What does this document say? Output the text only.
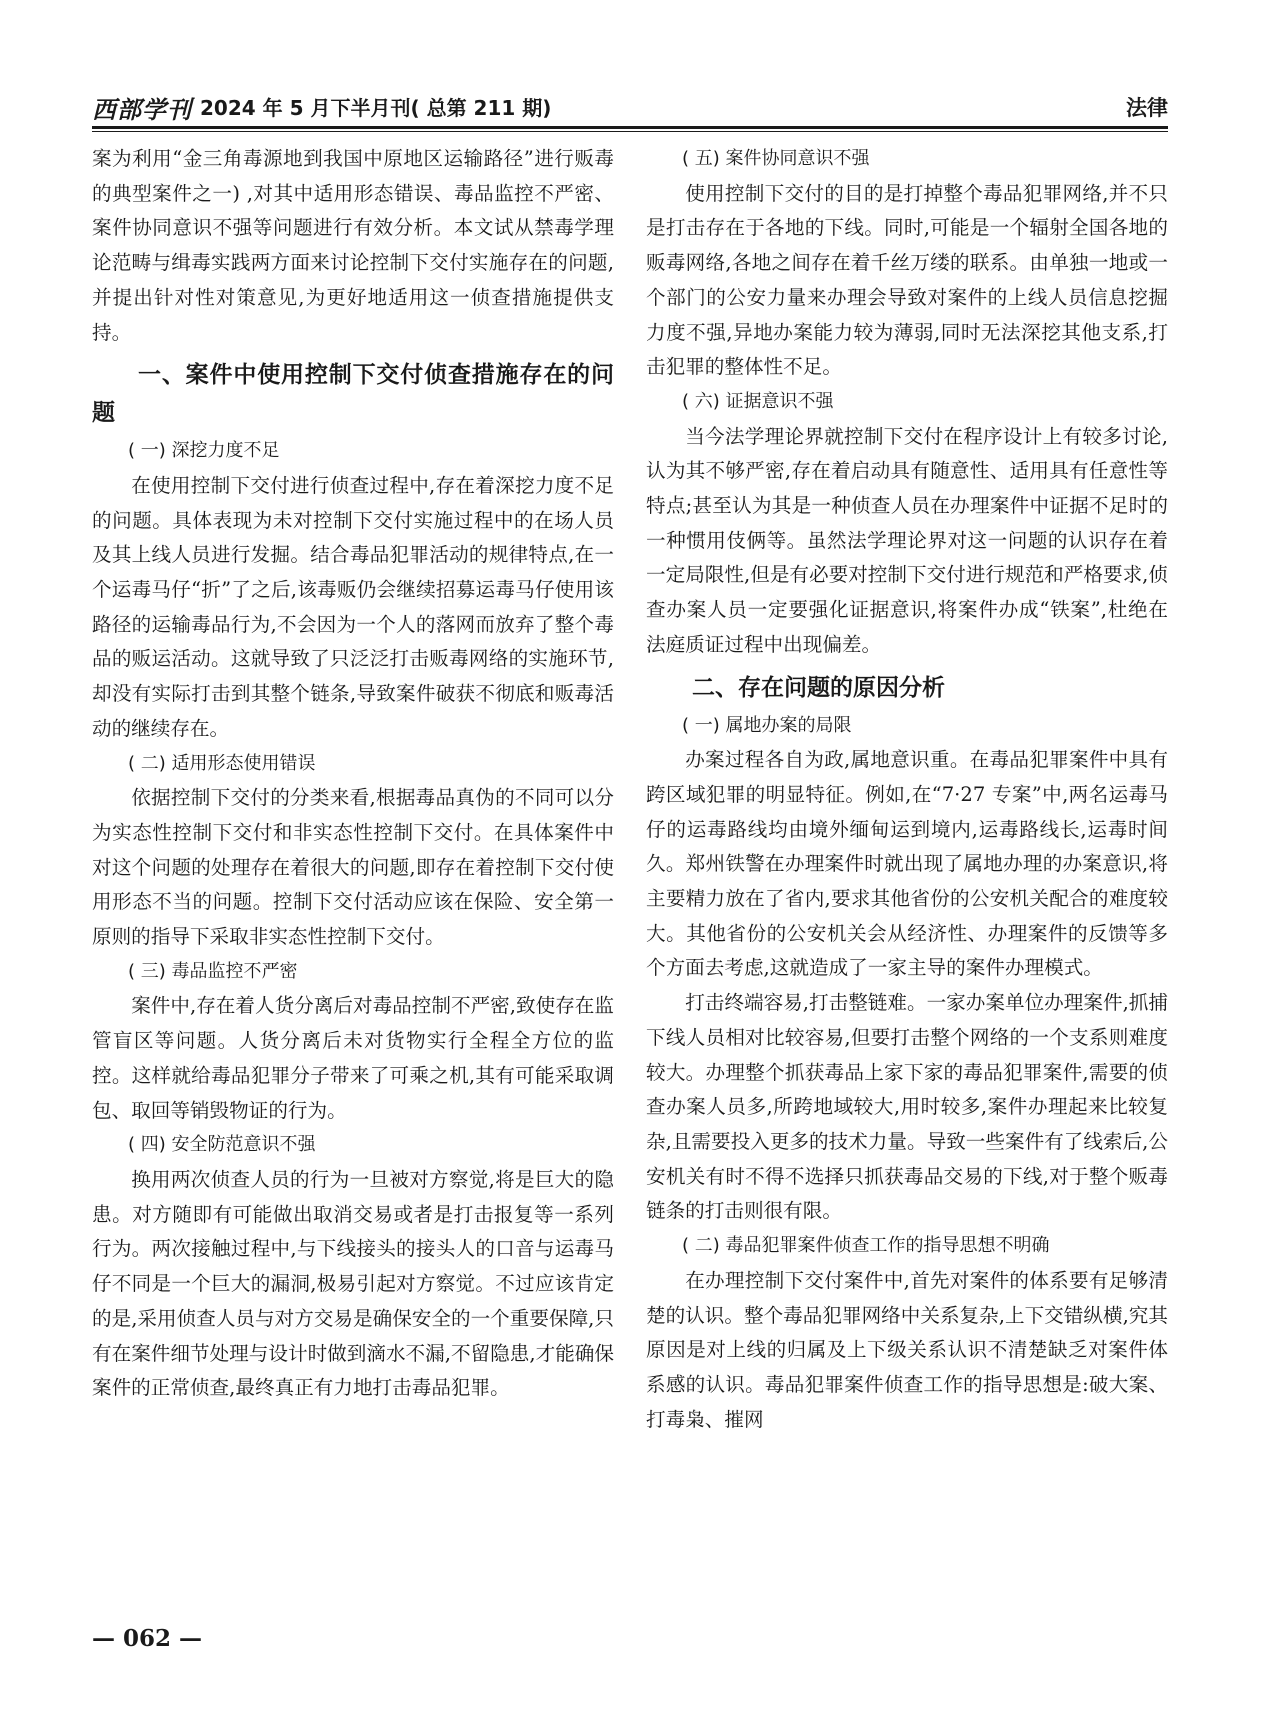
西部学刊 2024 年 5 月下半月刊( 总第 211 期)	法律

案为利用“金三角毒源地到我国中原地区运输路径”进行贩毒的典型案件之一) ,对其中适用形态错误、毒品监控不严密、案件协同意识不强等问题进行有效分析。本文试从禁毒学理论范畴与缉毒实践两方面来讨论控制下交付实施存在的问题,并提出针对性对策意见,为更好地适用这一侦查措施提供支持。

一、案件中使用控制下交付侦查措施存在的问题
( 一) 深挖力度不足

在使用控制下交付进行侦查过程中,存在着深挖力度不足的问题。具体表现为未对控制下交付实施过程中的在场人员及其上线人员进行发掘。结合毒品犯罪活动的规律特点,在一个运毒马仔“折”了之后,该毒贩仍会继续招募运毒马仔使用该路径的运输毒品行为,不会因为一个人的落网而放弃了整个毒品的贩运活动。这就导致了只泛泛打击贩毒网络的实施环节,却没有实际打击到其整个链条,导致案件破获不彻底和贩毒活动的继续存在。

( 二) 适用形态使用错误

依据控制下交付的分类来看,根据毒品真伪的不同可以分为实态性控制下交付和非实态性控制下交付。在具体案件中对这个问题的处理存在着很大的问题,即存在着控制下交付使用形态不当的问题。控制下交付活动应该在保险、安全第一原则的指导下采取非实态性控制下交付。

( 三) 毒品监控不严密

案件中,存在着人货分离后对毒品控制不严密,致使存在监管盲区等问题。人货分离后未对货物实行全程全方位的监控。这样就给毒品犯罪分子带来了可乘之机,其有可能采取调包、取回等销毁物证的行为。

( 四) 安全防范意识不强

换用两次侦查人员的行为一旦被对方察觉,将是巨大的隐患。对方随即有可能做出取消交易或者是打击报复等一系列行为。两次接触过程中,与下线接头的接头人的口音与运毒马仔不同是一个巨大的漏洞,极易引起对方察觉。不过应该肯定的是,采用侦查人员与对方交易是确保安全的一个重要保障,只有在案件细节处理与设计时做到滴水不漏,不留隐患,才能确保案件的正常侦查,最终真正有力地打击毒品犯罪。

( 五) 案件协同意识不强

使用控制下交付的目的是打掉整个毒品犯罪网络,并不只是打击存在于各地的下线。同时,可能是一个辐射全国各地的贩毒网络,各地之间存在着千丝万缕的联系。由单独一地或一个部门的公安力量来办理会导致对案件的上线人员信息挖掘力度不强,异地办案能力较为薄弱,同时无法深挖其他支系,打击犯罪的整体性不足。

( 六) 证据意识不强

当今法学理论界就控制下交付在程序设计上有较多讨论,认为其不够严密,存在着启动具有随意性、适用具有任意性等特点;甚至认为其是一种侦查人员在办理案件中证据不足时的一种惯用伎俩等。虽然法学理论界对这一问题的认识存在着一定局限性,但是有必要对控制下交付进行规范和严格要求,侦查办案人员一定要强化证据意识,将案件办成“铁案”,杜绝在法庭质证过程中出现偏差。

二、存在问题的原因分析
( 一) 属地办案的局限

办案过程各自为政,属地意识重。在毒品犯罪案件中具有跨区域犯罪的明显特征。例如,在“7·27 专案”中,两名运毒马仔的运毒路线均由境外缅甸运到境内,运毒路线长,运毒时间久。郑州铁警在办理案件时就出现了属地办理的办案意识,将主要精力放在了省内,要求其他省份的公安机关配合的难度较大。其他省份的公安机关会从经济性、办理案件的反馈等多个方面去考虑,这就造成了一家主导的案件办理模式。

打击终端容易,打击整链难。一家办案单位办理案件,抓捕下线人员相对比较容易,但要打击整个网络的一个支系则难度较大。办理整个抓获毒品上家下家的毒品犯罪案件,需要的侦查办案人员多,所跨地域较大,用时较多,案件办理起来比较复杂,且需要投入更多的技术力量。导致一些案件有了线索后,公安机关有时不得不选择只抓获毒品交易的下线,对于整个贩毒链条的打击则很有限。

( 二) 毒品犯罪案件侦查工作的指导思想不明确

在办理控制下交付案件中,首先对案件的体系要有足够清楚的认识。整个毒品犯罪网络中关系复杂,上下交错纵横,究其原因是对上线的归属及上下级关系认识不清楚缺乏对案件体系感的认识。毒品犯罪案件侦查工作的指导思想是:破大案、打毒枭、摧网

— 062 —
